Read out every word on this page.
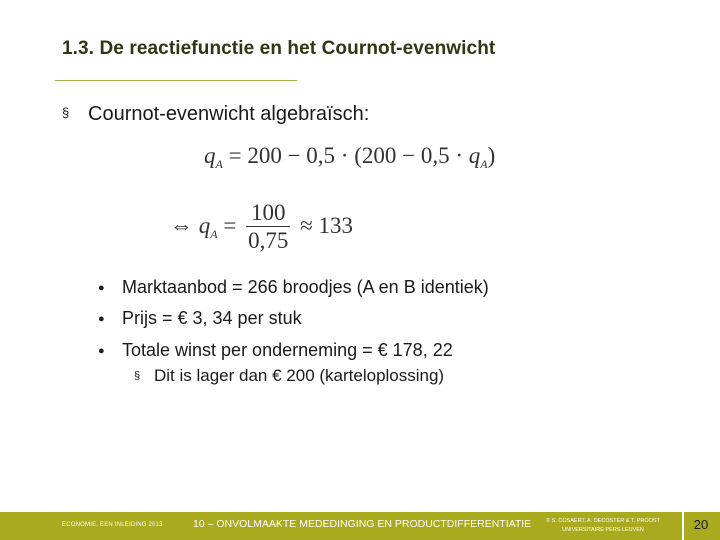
1.3. De reactiefunctie en het Cournot-evenwicht
§ Cournot-evenwicht algebraïsch:
$q_A = 200 - 0,5 \cdot (200 - 0,5 \cdot q_A)$
⇔ $q_A = \frac{100}{0,75} \approx 133$
● Marktaanbod = 266 broodjes (A en B identiek)
● Prijs = € 3, 34 per stuk
● Totale winst per onderneming = € 178, 22
§ Dit is lager dan € 200 (karteloplossing)
ECONOMIE, EEN INLEIDING 2013	10 – ONVOLMAAKTE MEDEDINGING EN PRODUCTDIFFERENTIATIE	© S. COSAERT, A. DECOSTER & T. PROOST
UNIVERSITAIRE PERS LEUVEN	20
